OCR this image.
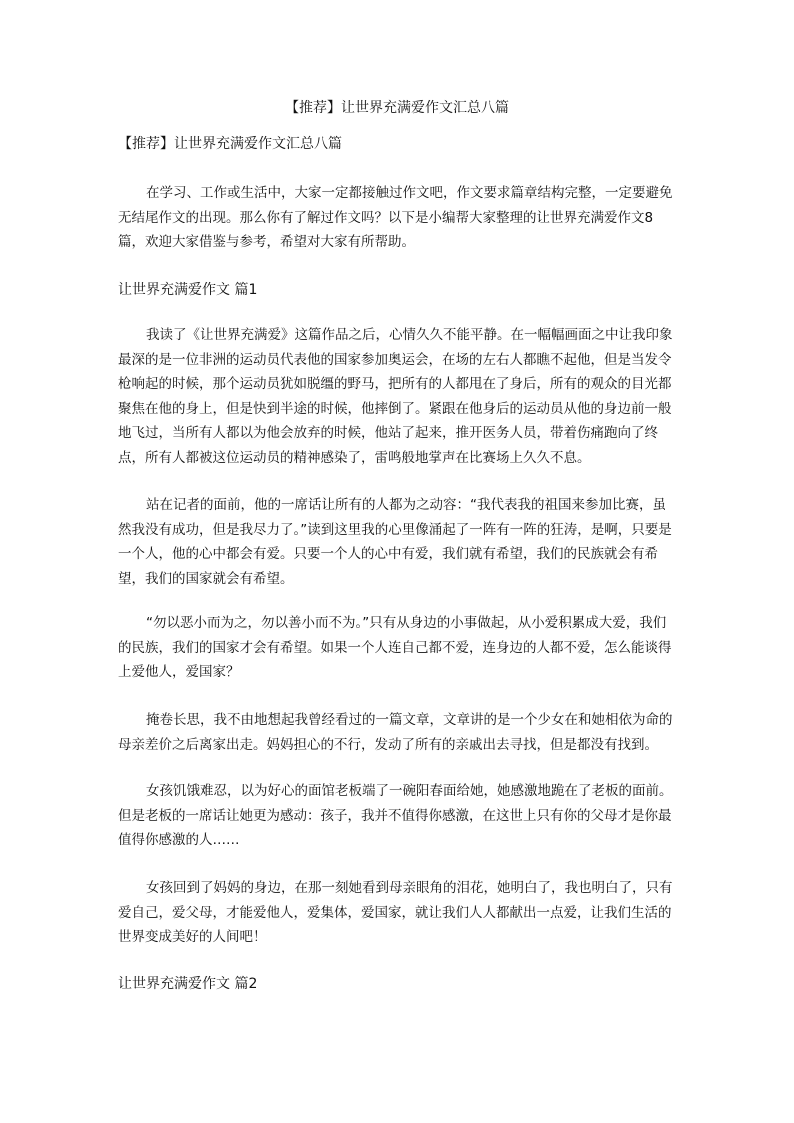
【推荐】让世界充满爱作文汇总八篇
【推荐】让世界充满爱作文汇总八篇

在学习、工作或生活中，大家一定都接触过作文吧，作文要求篇章结构完整，一定要避免无结尾作文的出现。那么你有了解过作文吗？以下是小编帮大家整理的让世界充满爱作文8篇，欢迎大家借鉴与参考，希望对大家有所帮助。

让世界充满爱作文 篇1

我读了《让世界充满爱》这篇作品之后，心情久久不能平静。在一幅幅画面之中让我印象最深的是一位非洲的运动员代表他的国家参加奥运会，在场的左右人都瞧不起他，但是当发令枪响起的时候，那个运动员犹如脱缰的野马，把所有的人都甩在了身后，所有的观众的目光都聚焦在他的身上，但是快到半途的时候，他摔倒了。紧跟在他身后的运动员从他的身边前一般地飞过，当所有人都以为他会放弃的时候，他站了起来，推开医务人员，带着伤痛跑向了终点，所有人都被这位运动员的精神感染了，雷鸣般地掌声在比赛场上久久不息。

站在记者的面前，他的一席话让所有的人都为之动容：“我代表我的祖国来参加比赛，虽然我没有成功，但是我尽力了。”读到这里我的心里像涌起了一阵有一阵的狂涛，是啊，只要是一个人，他的心中都会有爱。只要一个人的心中有爱，我们就有希望，我们的民族就会有希望，我们的国家就会有希望。

“勿以恶小而为之，勿以善小而不为。”只有从身边的小事做起，从小爱积累成大爱，我们的民族，我们的国家才会有希望。如果一个人连自己都不爱，连身边的人都不爱，怎么能谈得上爱他人，爱国家？

掩卷长思，我不由地想起我曾经看过的一篇文章，文章讲的是一个少女在和她相依为命的母亲差价之后离家出走。妈妈担心的不行，发动了所有的亲戚出去寻找，但是都没有找到。

女孩饥饿难忍，以为好心的面馆老板端了一碗阳春面给她，她感激地跪在了老板的面前。但是老板的一席话让她更为感动：孩子，我并不值得你感激，在这世上只有你的父母才是你最值得你感激的人……

女孩回到了妈妈的身边，在那一刻她看到母亲眼角的泪花，她明白了，我也明白了，只有爱自己，爱父母，才能爱他人，爱集体，爱国家，就让我们人人都献出一点爱，让我们生活的世界变成美好的人间吧！

让世界充满爱作文 篇2
